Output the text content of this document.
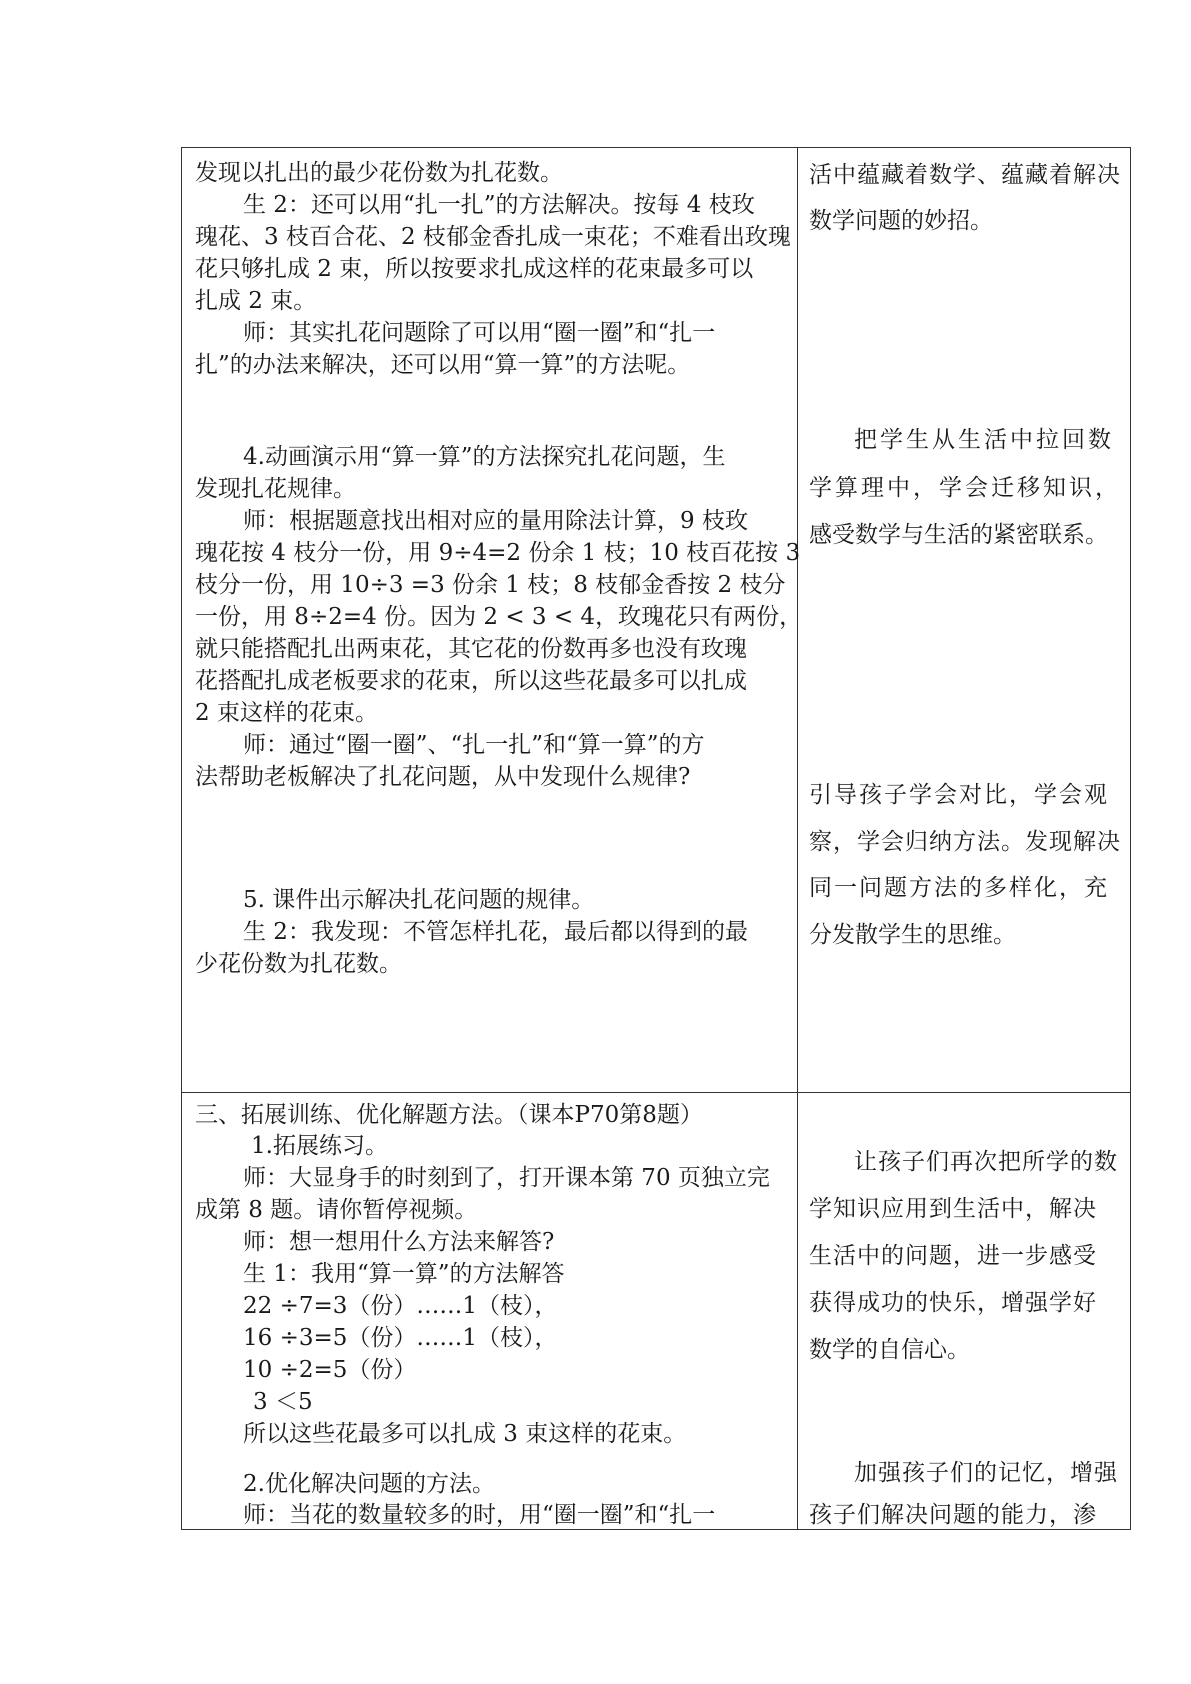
发现以扎出的最少花份数为扎花数。
生 2：还可以用“扎一扎”的方法解决。按每 4 枝玫
瑰花、3 枝百合花、2 枝郁金香扎成一束花；不难看出玫瑰
花只够扎成 2 束，所以按要求扎成这样的花束最多可以
扎成 2 束。
师：其实扎花问题除了可以用“圈一圈”和“扎一
扎”的办法来解决，还可以用“算一算”的方法呢。
4.动画演示用“算一算”的方法探究扎花问题，生
发现扎花规律。
师：根据题意找出相对应的量用除法计算，9 枝玫
瑰花按 4 枝分一份，用 9÷4=2 份余 1 枝；10 枝百花按 3
枝分一份，用 10÷3 =3 份余 1 枝；8 枝郁金香按 2 枝分
一份，用 8÷2=4 份。因为 2 < 3 < 4，玫瑰花只有两份，
就只能搭配扎出两束花，其它花的份数再多也没有玫瑰
花搭配扎成老板要求的花束，所以这些花最多可以扎成
2 束这样的花束。
师：通过“圈一圈”、“扎一扎”和“算一算”的方
法帮助老板解决了扎花问题，从中发现什么规律?
5. 课件出示解决扎花问题的规律。
生 2：我发现：不管怎样扎花，最后都以得到的最
少花份数为扎花数。
活中蕴藏着数学、蕴藏着解决
数学问题的妙招。
把学生从生活中拉回数
学算理中，学会迁移知识，
感受数学与生活的紧密联系。
引导孩子学会对比，学会观
察，学会归纳方法。发现解决
同一问题方法的多样化，充
分发散学生的思维。
三、拓展训练、优化解题方法。（课本P70第8题）
1.拓展练习。
师：大显身手的时刻到了，打开课本第 70 页独立完
成第 8 题。请你暂停视频。
师：想一想用什么方法来解答?
生 1：我用“算一算”的方法解答
22 ÷7=3（份）……1（枝），
16 ÷3=5（份）……1（枝），
10 ÷2=5（份）
3 ＜5
所以这些花最多可以扎成 3 束这样的花束。
2.优化解决问题的方法。
师：当花的数量较多的时，用“圈一圈”和“扎一
让孩子们再次把所学的数
学知识应用到生活中，解决
生活中的问题，进一步感受
获得成功的快乐，增强学好
数学的自信心。
加强孩子们的记忆，增强
孩子们解决问题的能力，渗
